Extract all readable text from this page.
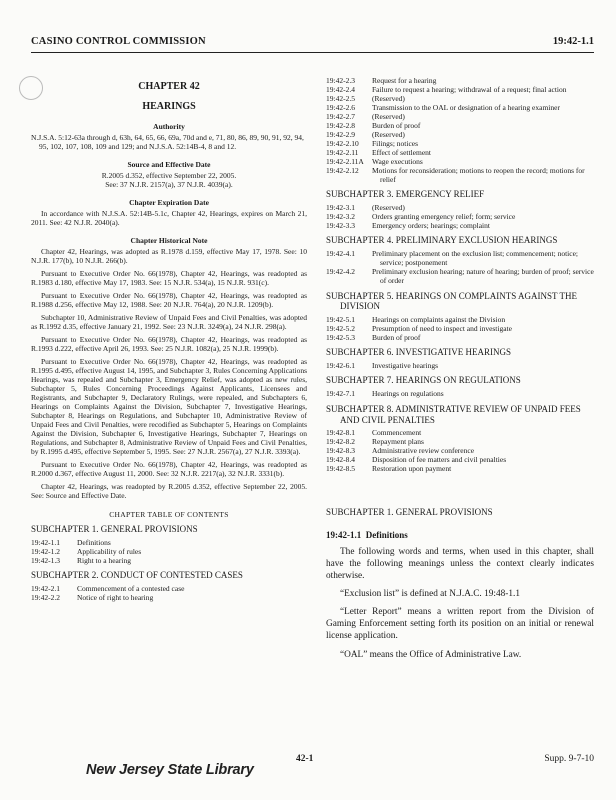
CASINO CONTROL COMMISSION	19:42-1.1
CHAPTER 42
HEARINGS
Authority

N.J.S.A. 5:12-63a through d, 63h, 64, 65, 66, 69a, 70d and e, 71, 80, 86, 89, 90, 91, 92, 94, 95, 102, 107, 108, 109 and 129; and N.J.S.A. 52:14B-4, 8 and 12.

Source and Effective Date

R.2005 d.352, effective September 22, 2005.

See: 37 N.J.R. 2157(a), 37 N.J.R. 4039(a).

Chapter Expiration Date

In accordance with N.J.S.A. 52:14B-5.1c, Chapter 42, Hearings, expires on March 21, 2011. See: 42 N.J.R. 2040(a).

Chapter Historical Note

Chapter 42, Hearings, was adopted as R.1978 d.159, effective May 17, 1978. See: 10 N.J.R. 177(b), 10 N.J.R. 266(b).

Pursuant to Executive Order No. 66(1978), Chapter 42, Hearings, was readopted as R.1983 d.180, effective May 17, 1983. See: 15 N.J.R. 534(a), 15 N.J.R. 931(c).

Pursuant to Executive Order No. 66(1978), Chapter 42, Hearings, was readopted as R.1988 d.256, effective May 12, 1988. See: 20 N.J.R. 764(a), 20 N.J.R. 1209(b).

Subchapter 10, Administrative Review of Unpaid Fees and Civil Penalties, was adopted as R.1992 d.35, effective January 21, 1992. See: 23 N.J.R. 3249(a), 24 N.J.R. 298(a).

Pursuant to Executive Order No. 66(1978), Chapter 42, Hearings, was readopted as R.1993 d.222, effective April 26, 1993. See: 25 N.J.R. 1082(a), 25 N.J.R. 1999(b).

Pursuant to Executive Order No. 66(1978), Chapter 42, Hearings, was readopted as R.1995 d.495, effective August 14, 1995, and Subchapter 3, Rules Concerning Applications Hearings, was repealed and Subchapter 3, Emergency Relief, was adopted as new rules, Subchapter 5, Rules Concerning Proceedings Against Applicants, Licensees and Registrants, and Subchapter 9, Declaratory Rulings, were repealed, and Subchapters 6, Hearings on Complaints Against the Division, Subchapter 7, Investigative Hearings, Subchapter 8, Hearings on Regulations, and Subchapter 10, Administrative Review of Unpaid Fees and Civil Penalties, were recodified as Subchapter 5, Hearings on Complaints Against the Division, Subchapter 6, Investigative Hearings, Subchapter 7, Hearings on Regulations, and Subchapter 8, Administrative Review of Unpaid Fees and Civil Penalties, by R.1995 d.495, effective September 5, 1995. See: 27 N.J.R. 2567(a), 27 N.J.R. 3393(a).

Pursuant to Executive Order No. 66(1978), Chapter 42, Hearings, was readopted as R.2000 d.367, effective August 11, 2000. See: 32 N.J.R. 2217(a), 32 N.J.R. 3331(b).

Chapter 42, Hearings, was readopted by R.2005 d.352, effective September 22, 2005. See: Source and Effective Date.

CHAPTER TABLE OF CONTENTS
SUBCHAPTER 1. GENERAL PROVISIONS
19:42-1.1	Definitions
19:42-1.2	Applicability of rules
19:42-1.3	Right to a hearing
SUBCHAPTER 2. CONDUCT OF CONTESTED CASES
19:42-2.1	Commencement of a contested case
19:42-2.2	Notice of right to hearing
19:42-2.3	Request for a hearing
19:42-2.4	Failure to request a hearing; withdrawal of a request; final action
19:42-2.5	(Reserved)
19:42-2.6	Transmission to the OAL or designation of a hearing examiner
19:42-2.7	(Reserved)
19:42-2.8	Burden of proof
19:42-2.9	(Reserved)
19:42-2.10	Filings; notices
19:42-2.11	Effect of settlement
19:42-2.11A	Wage executions
19:42-2.12	Motions for reconsideration; motions to reopen the record; motions for relief
SUBCHAPTER 3. EMERGENCY RELIEF
19:42-3.1	(Reserved)
19:42-3.2	Orders granting emergency relief; form; service
19:42-3.3	Emergency orders; hearings; complaint
SUBCHAPTER 4. PRELIMINARY EXCLUSION HEARINGS
19:42-4.1	Preliminary placement on the exclusion list; commencement; notice; service; postponement
19:42-4.2	Preliminary exclusion hearing; nature of hearing; burden of proof; service of order
SUBCHAPTER 5. HEARINGS ON COMPLAINTS AGAINST THE DIVISION
19:42-5.1	Hearings on complaints against the Division
19:42-5.2	Presumption of need to inspect and investigate
19:42-5.3	Burden of proof
SUBCHAPTER 6. INVESTIGATIVE HEARINGS
19:42-6.1	Investigative hearings
SUBCHAPTER 7. HEARINGS ON REGULATIONS
19:42-7.1	Hearings on regulations
SUBCHAPTER 8. ADMINISTRATIVE REVIEW OF UNPAID FEES AND CIVIL PENALTIES
19:42-8.1	Commencement
19:42-8.2	Repayment plans
19:42-8.3	Administrative review conference
19:42-8.4	Disposition of fee matters and civil penalties
19:42-8.5	Restoration upon payment
SUBCHAPTER 1. GENERAL PROVISIONS
19:42-1.1 Definitions

The following words and terms, when used in this chapter, shall have the following meanings unless the context clearly indicates otherwise.

“Exclusion list” is defined at N.J.A.C. 19:48-1.1

“Letter Report” means a written report from the Division of Gaming Enforcement setting forth its position on an initial or renewal license application.

“OAL” means the Office of Administrative Law.

42-1	Supp. 9-7-10
New Jersey State Library
